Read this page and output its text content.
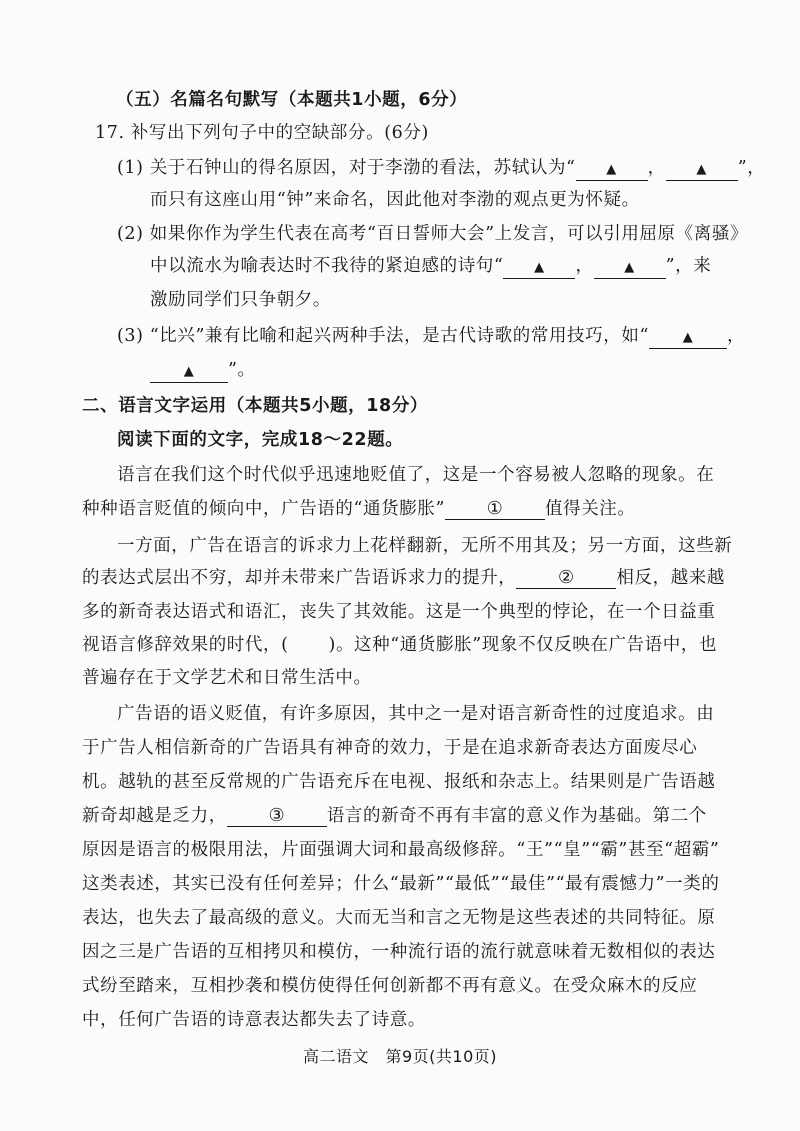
（五）名篇名句默写（本题共1小题，6分）
17. 补写出下列句子中的空缺部分。(6分)
(1) 关于石钟山的得名原因，对于李渤的看法，苏轼认为“ ▲ ， ▲ ”，
而只有这座山用“钟”来命名，因此他对李渤的观点更为怀疑。
(2) 如果你作为学生代表在高考“百日誓师大会”上发言，可以引用屈原《离骚》
中以流水为喻表达时不我待的紧迫感的诗句“ ▲ ， ▲ ”，来
激励同学们只争朝夕。
(3) “比兴”兼有比喻和起兴两种手法，是古代诗歌的常用技巧，如“	▲ ，
▲ ”。
二、语言文字运用（本题共5小题，18分）
阅读下面的文字，完成18～22题。
语言在我们这个时代似乎迅速地贬值了，这是一个容易被人忽略的现象。在
种种语言贬值的倾向中，广告语的“通货膨胀” ① 值得关注。
一方面，广告在语言的诉求力上花样翻新，无所不用其及；另一方面，这些新
的表达式层出不穷，却并未带来广告语诉求力的提升， ② 相反，越来越
多的新奇表达语式和语汇，丧失了其效能。这是一个典型的悖论，在一个日益重
视语言修辞效果的时代，( )。这种“通货膨胀”现象不仅反映在广告语中，也
普遍存在于文学艺术和日常生活中。
广告语的语义贬值，有许多原因，其中之一是对语言新奇性的过度追求。由
于广告人相信新奇的广告语具有神奇的效力，于是在追求新奇表达方面废尽心
机。越轨的甚至反常规的广告语充斥在电视、报纸和杂志上。结果则是广告语越
新奇却越是乏力， ③ 语言的新奇不再有丰富的意义作为基础。第二个
原因是语言的极限用法，片面强调大词和最高级修辞。“王”“皇”“霸”甚至“超霸”
这类表述，其实已没有任何差异；什么“最新”“最低”“最佳”“最有震憾力”一类的
表达，也失去了最高级的意义。大而无当和言之无物是这些表述的共同特征。原
因之三是广告语的互相拷贝和模仿，一种流行语的流行就意味着无数相似的表达
式纷至踏来，互相抄袭和模仿使得任何创新都不再有意义。在受众麻木的反应
中，任何广告语的诗意表达都失去了诗意。
高二语文　第9页(共10页)
